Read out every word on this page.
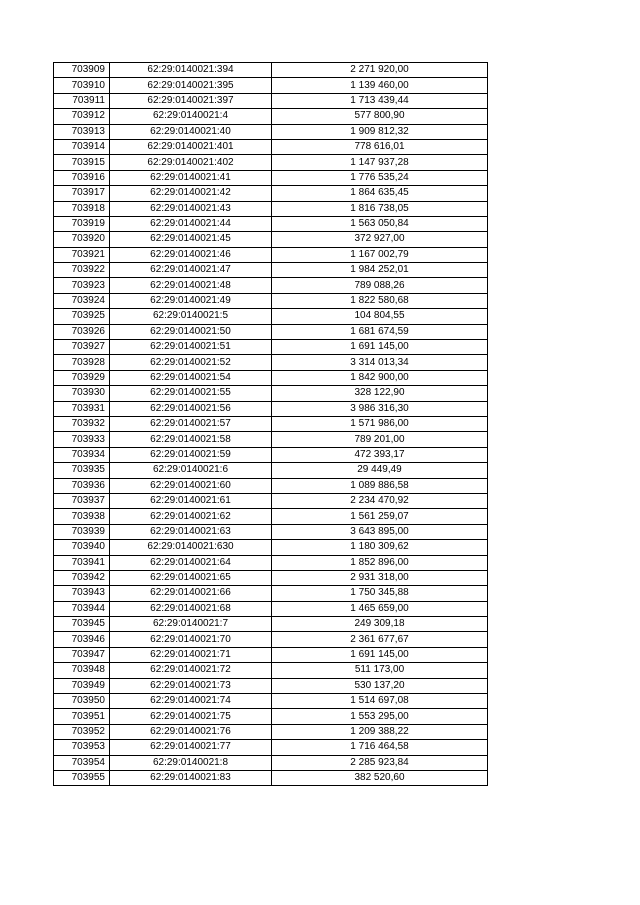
703909	62:29:0140021:394	2 271 920,00
703910	62:29:0140021:395	1 139 460,00
703911	62:29:0140021:397	1 713 439,44
703912	62:29:0140021:4	577 800,90
703913	62:29:0140021:40	1 909 812,32
703914	62:29:0140021:401	778 616,01
703915	62:29:0140021:402	1 147 937,28
703916	62:29:0140021:41	1 776 535,24
703917	62:29:0140021:42	1 864 635,45
703918	62:29:0140021:43	1 816 738,05
703919	62:29:0140021:44	1 563 050,84
703920	62:29:0140021:45	372 927,00
703921	62:29:0140021:46	1 167 002,79
703922	62:29:0140021:47	1 984 252,01
703923	62:29:0140021:48	789 088,26
703924	62:29:0140021:49	1 822 580,68
703925	62:29:0140021:5	104 804,55
703926	62:29:0140021:50	1 681 674,59
703927	62:29:0140021:51	1 691 145,00
703928	62:29:0140021:52	3 314 013,34
703929	62:29:0140021:54	1 842 900,00
703930	62:29:0140021:55	328 122,90
703931	62:29:0140021:56	3 986 316,30
703932	62:29:0140021:57	1 571 986,00
703933	62:29:0140021:58	789 201,00
703934	62:29:0140021:59	472 393,17
703935	62:29:0140021:6	29 449,49
703936	62:29:0140021:60	1 089 886,58
703937	62:29:0140021:61	2 234 470,92
703938	62:29:0140021:62	1 561 259,07
703939	62:29:0140021:63	3 643 895,00
703940	62:29:0140021:630	1 180 309,62
703941	62:29:0140021:64	1 852 896,00
703942	62:29:0140021:65	2 931 318,00
703943	62:29:0140021:66	1 750 345,88
703944	62:29:0140021:68	1 465 659,00
703945	62:29:0140021:7	249 309,18
703946	62:29:0140021:70	2 361 677,67
703947	62:29:0140021:71	1 691 145,00
703948	62:29:0140021:72	511 173,00
703949	62:29:0140021:73	530 137,20
703950	62:29:0140021:74	1 514 697,08
703951	62:29:0140021:75	1 553 295,00
703952	62:29:0140021:76	1 209 388,22
703953	62:29:0140021:77	1 716 464,58
703954	62:29:0140021:8	2 285 923,84
703955	62:29:0140021:83	382 520,60
